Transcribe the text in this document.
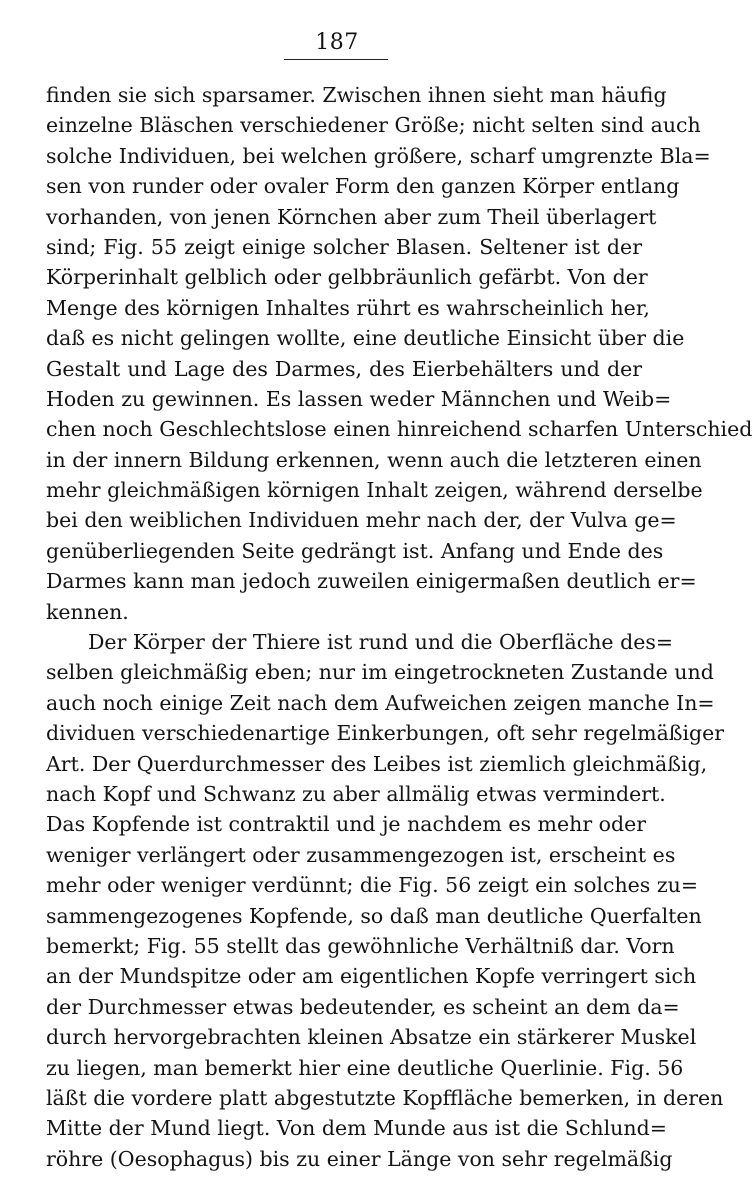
187
finden sie sich sparsamer. Zwischen ihnen sieht man häufig
einzelne Bläschen verschiedener Größe; nicht selten sind auch
solche Individuen, bei welchen größere, scharf umgrenzte Bla=
sen von runder oder ovaler Form den ganzen Körper entlang
vorhanden, von jenen Körnchen aber zum Theil überlagert
sind; Fig. 55 zeigt einige solcher Blasen. Seltener ist der
Körperinhalt gelblich oder gelbbräunlich gefärbt. Von der
Menge des körnigen Inhaltes rührt es wahrscheinlich her,
daß es nicht gelingen wollte, eine deutliche Einsicht über die
Gestalt und Lage des Darmes, des Eierbehälters und der
Hoden zu gewinnen. Es lassen weder Männchen und Weib=
chen noch Geschlechtslose einen hinreichend scharfen Unterschied
in der innern Bildung erkennen, wenn auch die letzteren einen
mehr gleichmäßigen körnigen Inhalt zeigen, während derselbe
bei den weiblichen Individuen mehr nach der, der Vulva ge=
genüberliegenden Seite gedrängt ist. Anfang und Ende des
Darmes kann man jedoch zuweilen einigermaßen deutlich er=
kennen.
Der Körper der Thiere ist rund und die Oberfläche des=
selben gleichmäßig eben; nur im eingetrockneten Zustande und
auch noch einige Zeit nach dem Aufweichen zeigen manche In=
dividuen verschiedenartige Einkerbungen, oft sehr regelmäßiger
Art. Der Querdurchmesser des Leibes ist ziemlich gleichmäßig,
nach Kopf und Schwanz zu aber allmälig etwas vermindert.
Das Kopfende ist contraktil und je nachdem es mehr oder
weniger verlängert oder zusammengezogen ist, erscheint es
mehr oder weniger verdünnt; die Fig. 56 zeigt ein solches zu=
sammengezogenes Kopfende, so daß man deutliche Querfalten
bemerkt; Fig. 55 stellt das gewöhnliche Verhältniß dar. Vorn
an der Mundspitze oder am eigentlichen Kopfe verringert sich
der Durchmesser etwas bedeutender, es scheint an dem da=
durch hervorgebrachten kleinen Absatze ein stärkerer Muskel
zu liegen, man bemerkt hier eine deutliche Querlinie. Fig. 56
läßt die vordere platt abgestutzte Kopffläche bemerken, in deren
Mitte der Mund liegt. Von dem Munde aus ist die Schlund=
röhre (Oesophagus) bis zu einer Länge von sehr regelmäßig
